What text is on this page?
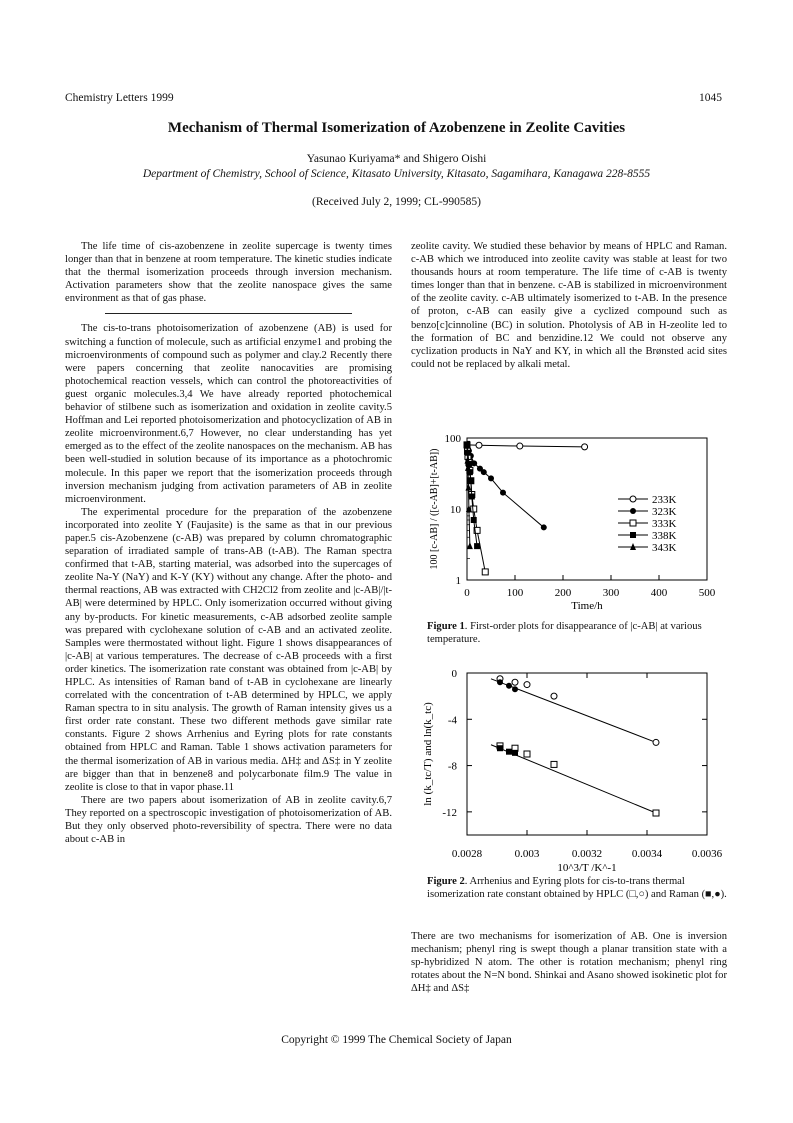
Chemistry Letters 1999	1045
Mechanism of Thermal Isomerization of Azobenzene in Zeolite Cavities
Yasunao Kuriyama* and Shigero Oishi
Department of Chemistry, School of Science, Kitasato University, Kitasato, Sagamihara, Kanagawa 228-8555
(Received July 2, 1999; CL-990585)

The life time of cis-azobenzene in zeolite supercage is twenty times longer than that in benzene at room temperature. The kinetic studies indicate that the thermal isomerization proceeds through inversion mechanism. Activation parameters show that the zeolite nanospace gives the same environment as that of gas phase.

The cis-to-trans photoisomerization of azobenzene (AB) is used for switching a function of molecule, such as artificial enzyme1 and probing the microenvironments of compound such as polymer and clay.2 Recently there were papers concerning that zeolite nanocavities are promising photochemical reaction vessels, which can control the photoreactivities of guest organic molecules.3,4 We have already reported photochemical behavior of stilbene such as isomerization and oxidation in zeolite cavity.5 Hoffman and Lei reported photoisomerization and photocyclization of AB in zeolite microenvironment.6,7 However, no clear understanding has yet emerged as to the effect of the zeolite nanospaces on the mechanism. AB has been well-studied in solution because of its importance as a photochromic molecule. In this paper we report that the isomerization proceeds through inversion mechanism judging from activation parameters of AB in zeolite microenvironment.

The experimental procedure for the preparation of the azobenzene incorporated into zeolite Y (Faujasite) is the same as that in our previous paper.5 cis-Azobenzene (c-AB) was prepared by column chromatographic separation of irradiated sample of trans-AB (t-AB). The Raman spectra confirmed that t-AB, starting material, was adsorbed into the supercages of zeolite Na-Y (NaY) and K-Y (KY) without any change. After the photo- and thermal reactions, AB was extracted with CH2Cl2 from zeolite and |c-AB|/|t-AB| were determined by HPLC. Only isomerization occurred without giving any by-products. For kinetic measurements, c-AB adsorbed zeolite sample was prepared with cyclohexane solution of c-AB and an activated zeolite. Samples were thermostated without light. Figure 1 shows disappearances of |c-AB| at various temperatures. The decrease of c-AB proceeds with a first order kinetics. The isomerization rate constant was obtained from |c-AB| by HPLC. As intensities of Raman band of t-AB in cyclohexane are linearly correlated with the concentration of t-AB determined by HPLC, we apply Raman spectra to in situ analysis. The growth of Raman intensity gives us a first order rate constant. These two different methods gave similar rate constants. Figure 2 shows Arrhenius and Eyring plots for rate constants obtained from HPLC and Raman. Table 1 shows activation parameters for the thermal isomerization of AB in various media. ΔH‡ and ΔS‡ in Y zeolite are bigger than that in benzene8 and polycarbonate film.9 The value in zeolite is close to that in vapor phase.11

There are two papers about isomerization of AB in zeolite cavity.6,7 They reported on a spectroscopic investigation of photoisomerization of AB. But they only observed photo-reversibility of spectra. There were no data about c-AB in

zeolite cavity. We studied these behavior by means of HPLC and Raman. c-AB which we introduced into zeolite cavity was stable at least for two thousands hours at room temperature. The life time of c-AB is twenty times longer than that in benzene. c-AB is stabilized in microenvironment of the zeolite cavity. c-AB ultimately isomerized to t-AB. In the presence of proton, c-AB can easily give a cyclized compound such as benzo[c]cinnoline (BC) in solution. Photolysis of AB in H-zeolite led to the formation of BC and benzidine.12 We could not observe any cyclization products in NaY and KY, in which all the Brønsted acid sites could not be replaced by alkali metal.

1
10
100
0	100	200	300	400	500
Time/h
100 [c-AB] / ([c-AB]+[t-AB])	233K
323K
333K
338K
343K
Figure 1. First-order plots for disappearance of |c-AB| at various temperature.
0
-4
-8
-12
0.0028	0.003	0.0032	0.0034	0.0036
10^3/T /K^-1
ln (k_tc/T) and ln(k_tc)
Figure 2. Arrhenius and Eyring plots for cis-to-trans thermal isomerization rate constant obtained by HPLC (□,○) and Raman (■,●).

There are two mechanisms for isomerization of AB. One is inversion mechanism; phenyl ring is swept though a planar transition state with a sp-hybridized N atom. The other is rotation mechanism; phenyl ring rotates about the N=N bond. Shinkai and Asano showed isokinetic plot for ΔH‡ and ΔS‡

Copyright © 1999 The Chemical Society of Japan
